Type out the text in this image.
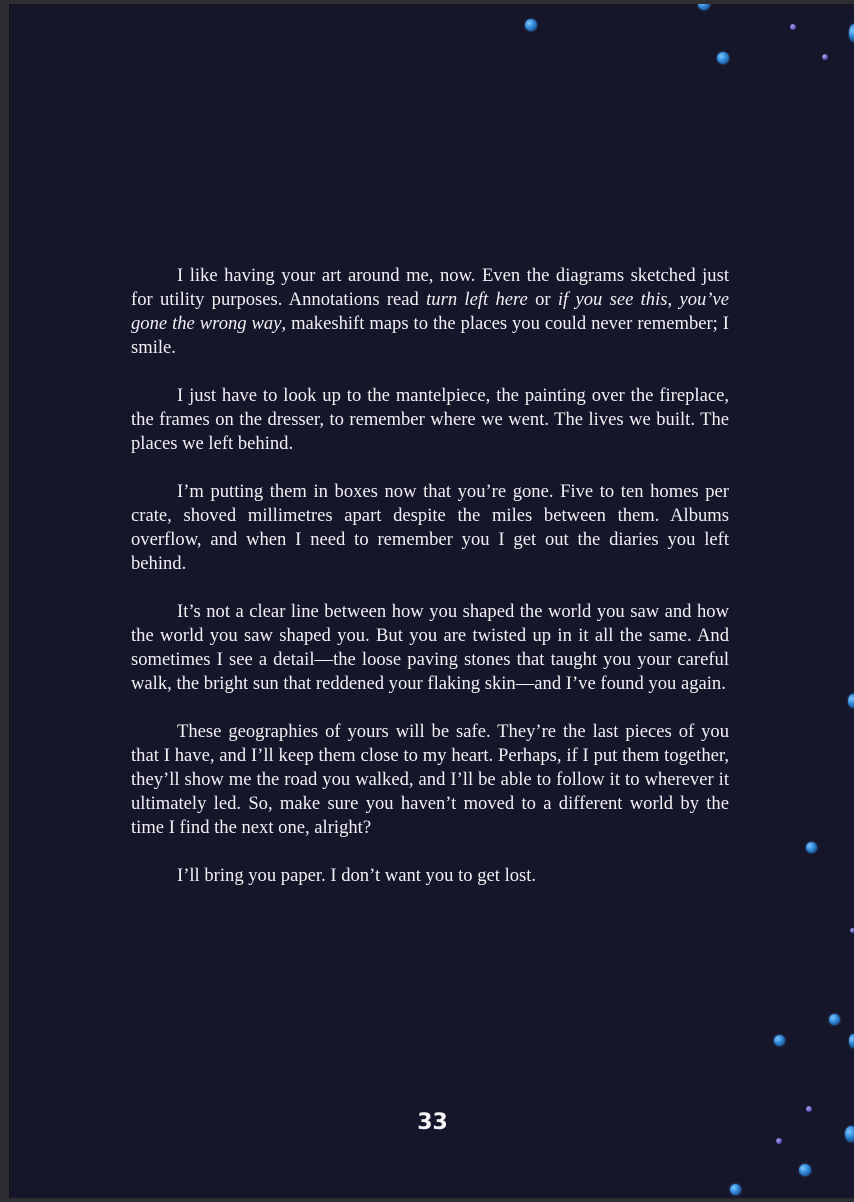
I like having your art around me, now. Even the diagrams sketched just for utility purposes. Annotations read turn left here or if you see this, you’ve gone the wrong way, makeshift maps to the places you could never remember; I smile.

I just have to look up to the mantelpiece, the painting over the fireplace, the frames on the dresser, to remember where we went. The lives we built. The places we left behind.

I’m putting them in boxes now that you’re gone. Five to ten homes per crate, shoved millimetres apart despite the miles between them. Albums overflow, and when I need to remember you I get out the diaries you left behind.

It’s not a clear line between how you shaped the world you saw and how the world you saw shaped you. But you are twisted up in it all the same. And sometimes I see a detail—the loose paving stones that taught you your careful walk, the bright sun that reddened your flaking skin—and I’ve found you again.

These geographies of yours will be safe. They’re the last pieces of you that I have, and I’ll keep them close to my heart. Perhaps, if I put them together, they’ll show me the road you walked, and I’ll be able to follow it to wherever it ultimately led. So, make sure you haven’t moved to a different world by the time I find the next one, alright?

I’ll bring you paper. I don’t want you to get lost.

33
